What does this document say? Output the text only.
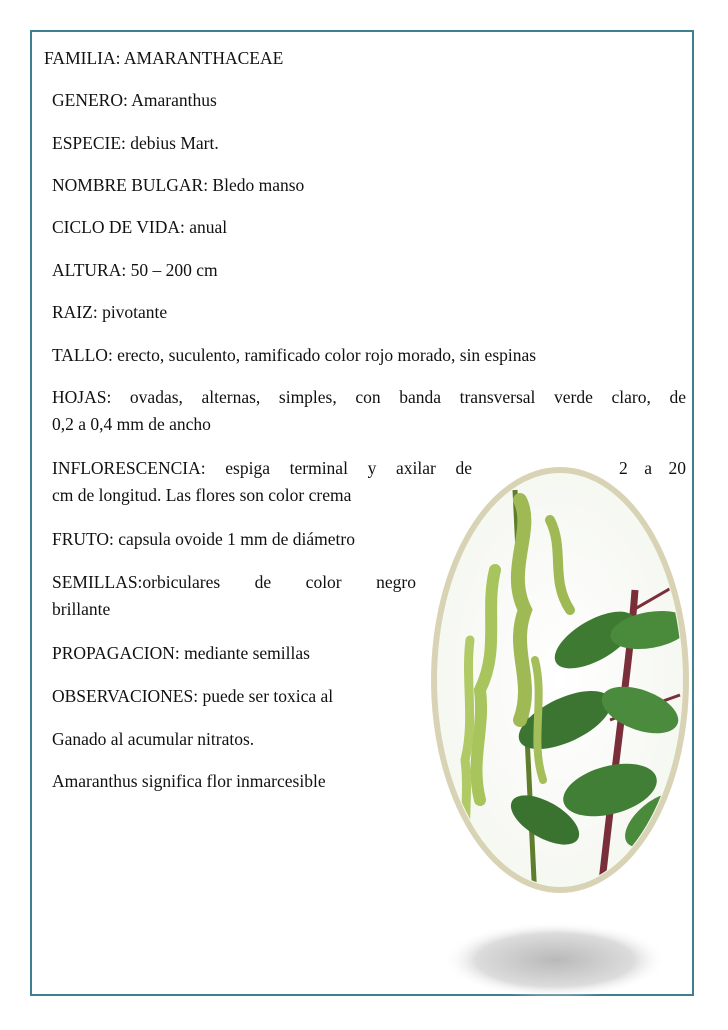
FAMILIA: AMARANTHACEAE
GENERO: Amaranthus
ESPECIE: debius Mart.
NOMBRE BULGAR: Bledo manso
CICLO DE VIDA: anual
ALTURA: 50 – 200 cm
RAIZ: pivotante
TALLO: erecto, suculento, ramificado color rojo morado, sin espinas
HOJAS: ovadas, alternas, simples, con banda transversal verde claro, de
0,2 a 0,4 mm de ancho
INFLORESCENCIA: espiga terminal y axilar de	2 a 20
cm de longitud. Las flores son color crema
FRUTO: capsula ovoide 1 mm de diámetro
SEMILLAS:orbiculares de color negro
brillante
PROPAGACION: mediante semillas
OBSERVACIONES: puede ser toxica al
Ganado al acumular nitratos.
Amaranthus significa flor inmarcesible
